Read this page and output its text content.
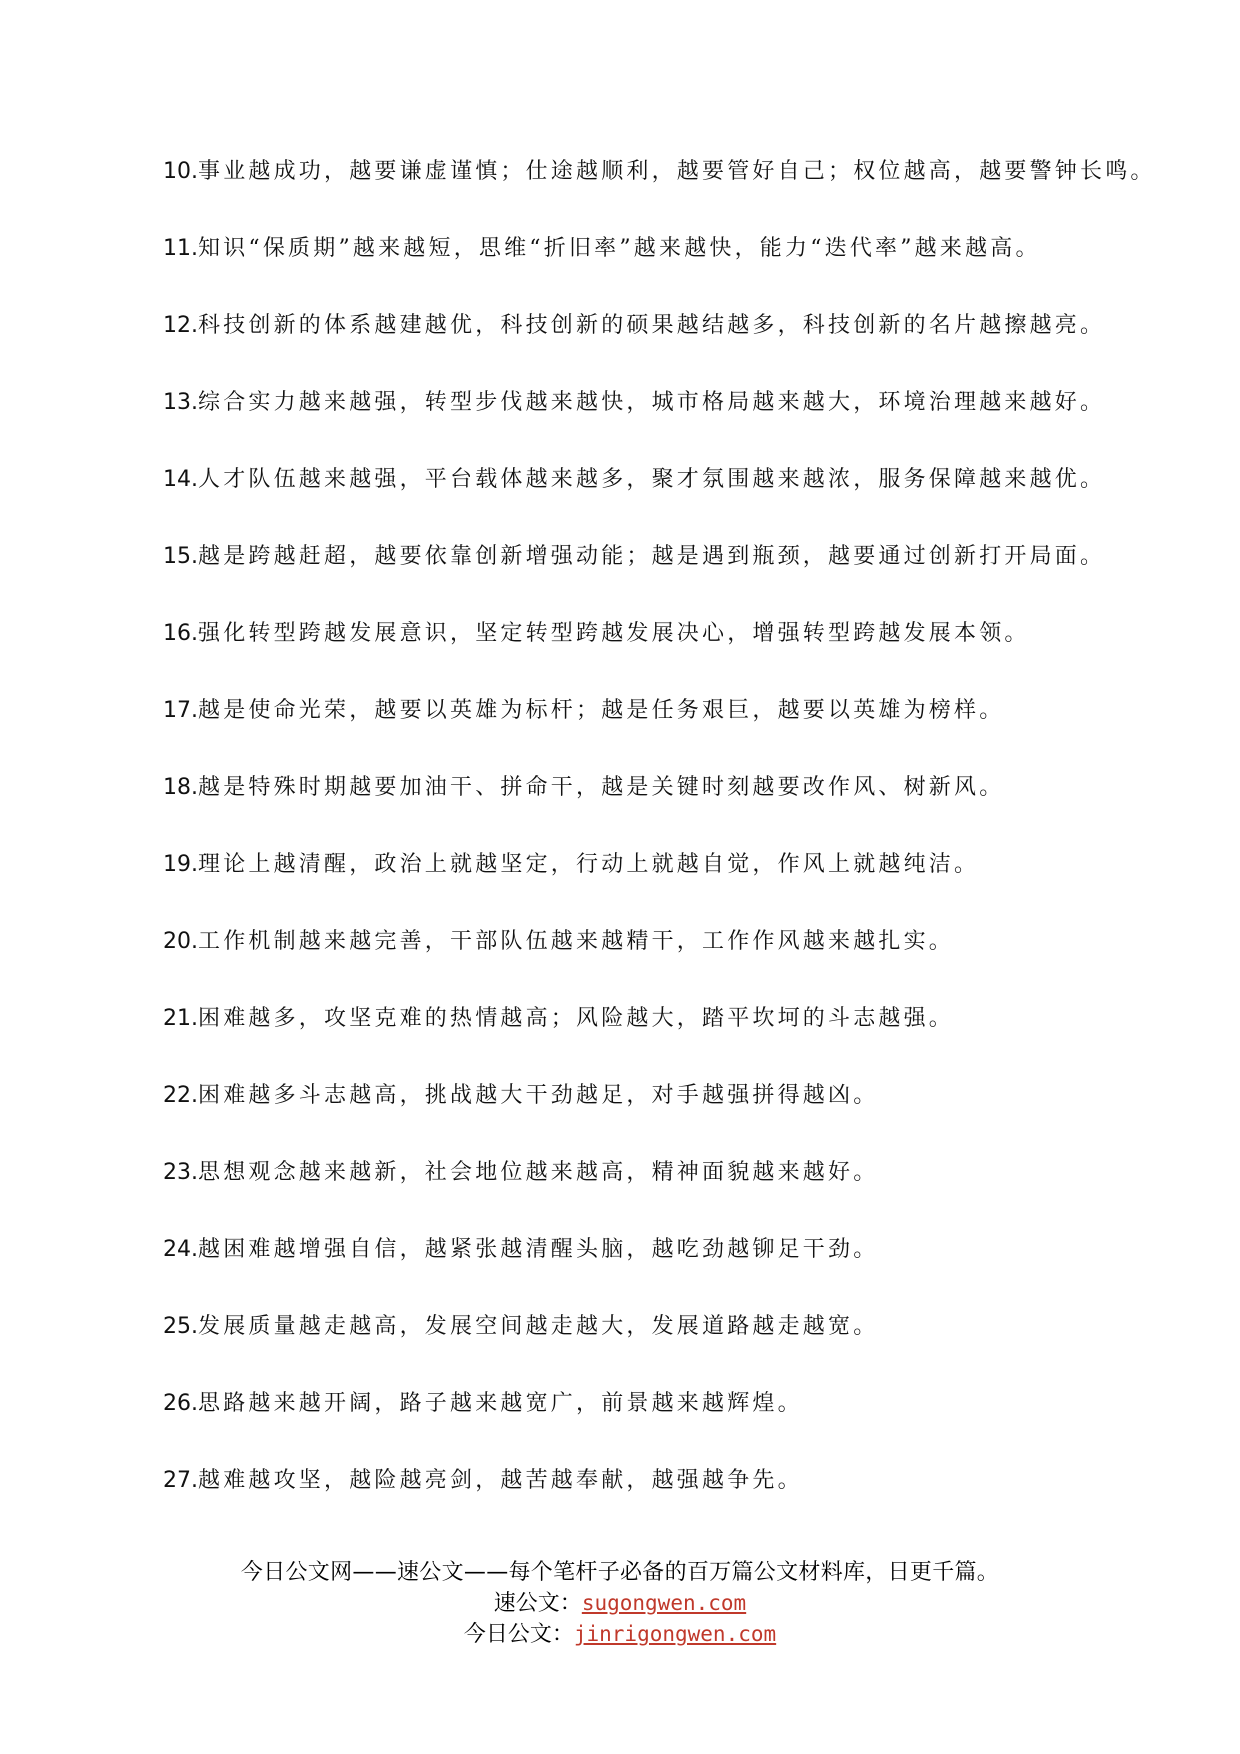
10.事业越成功，越要谦虚谨慎；仕途越顺利，越要管好自己；权位越高，越要警钟长鸣。
11.知识“保质期”越来越短，思维“折旧率”越来越快，能力“迭代率”越来越高。
12.科技创新的体系越建越优，科技创新的硕果越结越多，科技创新的名片越擦越亮。
13.综合实力越来越强，转型步伐越来越快，城市格局越来越大，环境治理越来越好。
14.人才队伍越来越强，平台载体越来越多，聚才氛围越来越浓，服务保障越来越优。
15.越是跨越赶超，越要依靠创新增强动能；越是遇到瓶颈，越要通过创新打开局面。
16.强化转型跨越发展意识，坚定转型跨越发展决心，增强转型跨越发展本领。
17.越是使命光荣，越要以英雄为标杆；越是任务艰巨，越要以英雄为榜样。
18.越是特殊时期越要加油干、拼命干，越是关键时刻越要改作风、树新风。
19.理论上越清醒，政治上就越坚定，行动上就越自觉，作风上就越纯洁。
20.工作机制越来越完善，干部队伍越来越精干，工作作风越来越扎实。
21.困难越多，攻坚克难的热情越高；风险越大，踏平坎坷的斗志越强。
22.困难越多斗志越高，挑战越大干劲越足，对手越强拼得越凶。
23.思想观念越来越新，社会地位越来越高，精神面貌越来越好。
24.越困难越增强自信，越紧张越清醒头脑，越吃劲越铆足干劲。
25.发展质量越走越高，发展空间越走越大，发展道路越走越宽。
26.思路越来越开阔，路子越来越宽广，前景越来越辉煌。
27.越难越攻坚，越险越亮剑，越苦越奉献，越强越争先。
今日公文网——速公文——每个笔杆子必备的百万篇公文材料库，日更千篇。
速公文：sugongwen.com
今日公文：jinrigongwen.com
